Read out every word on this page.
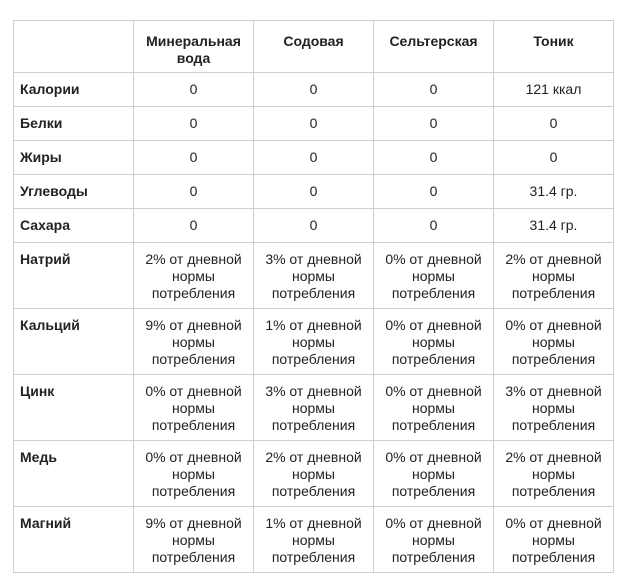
	Минеральная вода	Содовая	Сельтерская	Тоник
Калории	0	0	0	121 ккал
Белки	0	0	0	0
Жиры	0	0	0	0
Углеводы	0	0	0	31.4 гр.
Сахара	0	0	0	31.4 гр.
Натрий	2% от дневной нормы потребления	3% от дневной нормы потребления	0% от дневной нормы потребления	2% от дневной нормы потребления
Кальций	9% от дневной нормы потребления	1% от дневной нормы потребления	0% от дневной нормы потребления	0% от дневной нормы потребления
Цинк	0% от дневной нормы потребления	3% от дневной нормы потребления	0% от дневной нормы потребления	3% от дневной нормы потребления
Медь	0% от дневной нормы потребления	2% от дневной нормы потребления	0% от дневной нормы потребления	2% от дневной нормы потребления
Магний	9% от дневной нормы потребления	1% от дневной нормы потребления	0% от дневной нормы потребления	0% от дневной нормы потребления
